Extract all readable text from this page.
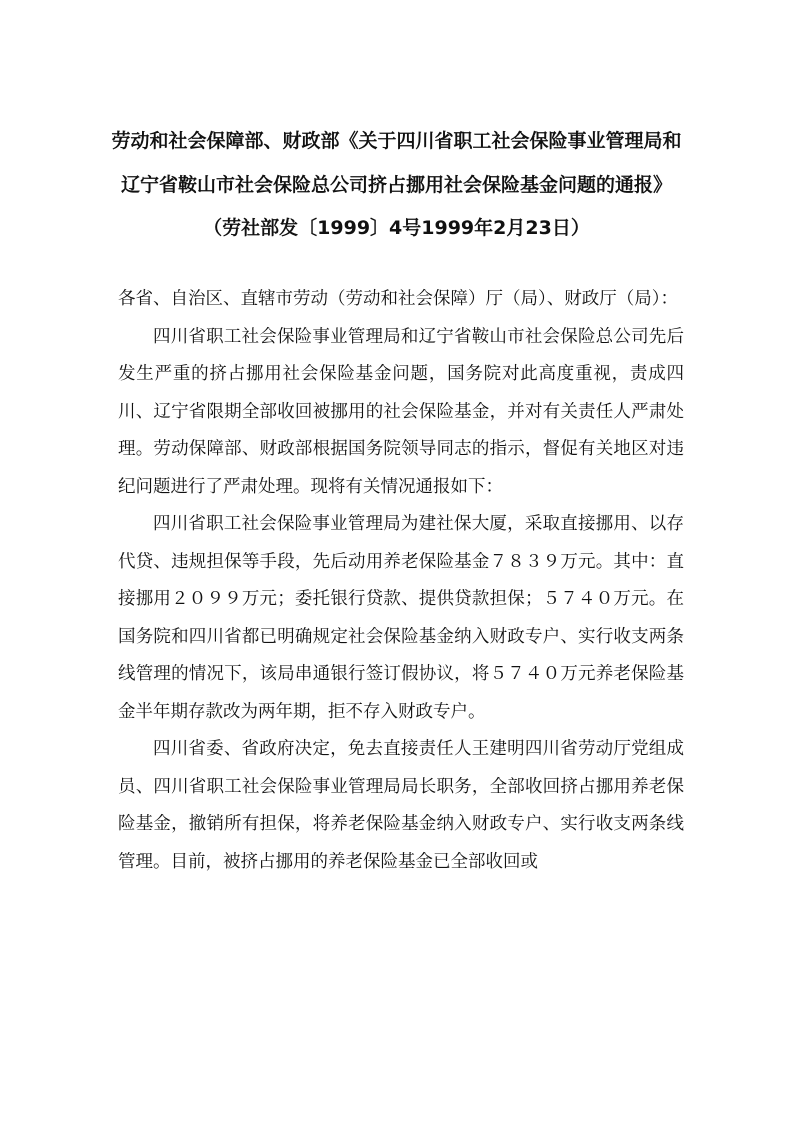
劳动和社会保障部、财政部《关于四川省职工社会保险事业管理局和
辽宁省鞍山市社会保险总公司挤占挪用社会保险基金问题的通报》
（劳社部发〔1999〕4号1999年2月23日）

各省、自治区、直辖市劳动（劳动和社会保障）厅（局）、财政厅（局）：

四川省职工社会保险事业管理局和辽宁省鞍山市社会保险总公司先后发生严重的挤占挪用社会保险基金问题，国务院对此高度重视，责成四川、辽宁省限期全部收回被挪用的社会保险基金，并对有关责任人严肃处理。劳动保障部、财政部根据国务院领导同志的指示，督促有关地区对违纪问题进行了严肃处理。现将有关情况通报如下：

四川省职工社会保险事业管理局为建社保大厦，采取直接挪用、以存代贷、违规担保等手段，先后动用养老保险基金７８３９万元。其中：直接挪用２０９９万元；委托银行贷款、提供贷款担保；５７４０万元。在国务院和四川省都已明确规定社会保险基金纳入财政专户、实行收支两条线管理的情况下，该局串通银行签订假协议，将５７４０万元养老保险基金半年期存款改为两年期，拒不存入财政专户。

四川省委、省政府决定，免去直接责任人王建明四川省劳动厅党组成员、四川省职工社会保险事业管理局局长职务，全部收回挤占挪用养老保险基金，撤销所有担保，将养老保险基金纳入财政专户、实行收支两条线管理。目前，被挤占挪用的养老保险基金已全部收回或
